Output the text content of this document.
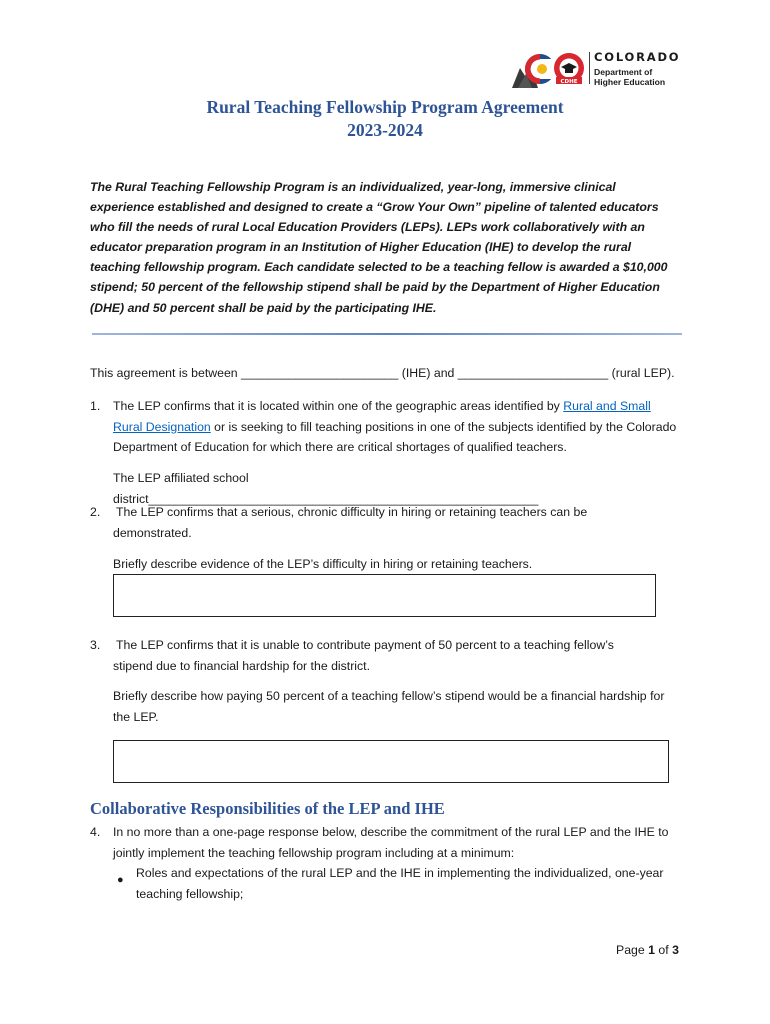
CDHE
COLORADO
Department of
Higher Education
Rural Teaching Fellowship Program Agreement
2023-2024
The Rural Teaching Fellowship Program is an individualized, year-long, immersive clinical experience established and designed to create a “Grow Your Own” pipeline of talented educators who fill the needs of rural Local Education Providers (LEPs). LEPs work collaboratively with an educator preparation program in an Institution of Higher Education (IHE) to develop the rural teaching fellowship program. Each candidate selected to be a teaching fellow is awarded a $10,000 stipend; 50 percent of the fellowship stipend shall be paid by the Department of Higher Education (DHE) and 50 percent shall be paid by the participating IHE.
This agreement is between _______________________ (IHE) and ______________________ (rural LEP).
1. The LEP confirms that it is located within one of the geographic areas identified by Rural and Small Rural Designation or is seeking to fill teaching positions in one of the subjects identified by the Colorado Department of Education for which there are critical shortages of qualified teachers.
The LEP affiliated school district_________________________________________________________
2. The LEP confirms that a serious, chronic difficulty in hiring or retaining teachers can be demonstrated.
Briefly describe evidence of the LEP’s difficulty in hiring or retaining teachers.
3. The LEP confirms that it is unable to contribute payment of 50 percent to a teaching fellow’s stipend due to financial hardship for the district.
Briefly describe how paying 50 percent of a teaching fellow’s stipend would be a financial hardship for the LEP.
Collaborative Responsibilities of the LEP and IHE
4. In no more than a one-page response below, describe the commitment of the rural LEP and the IHE to jointly implement the teaching fellowship program including at a minimum:
● Roles and expectations of the rural LEP and the IHE in implementing the individualized, one-year teaching fellowship;
Page 1 of 3
